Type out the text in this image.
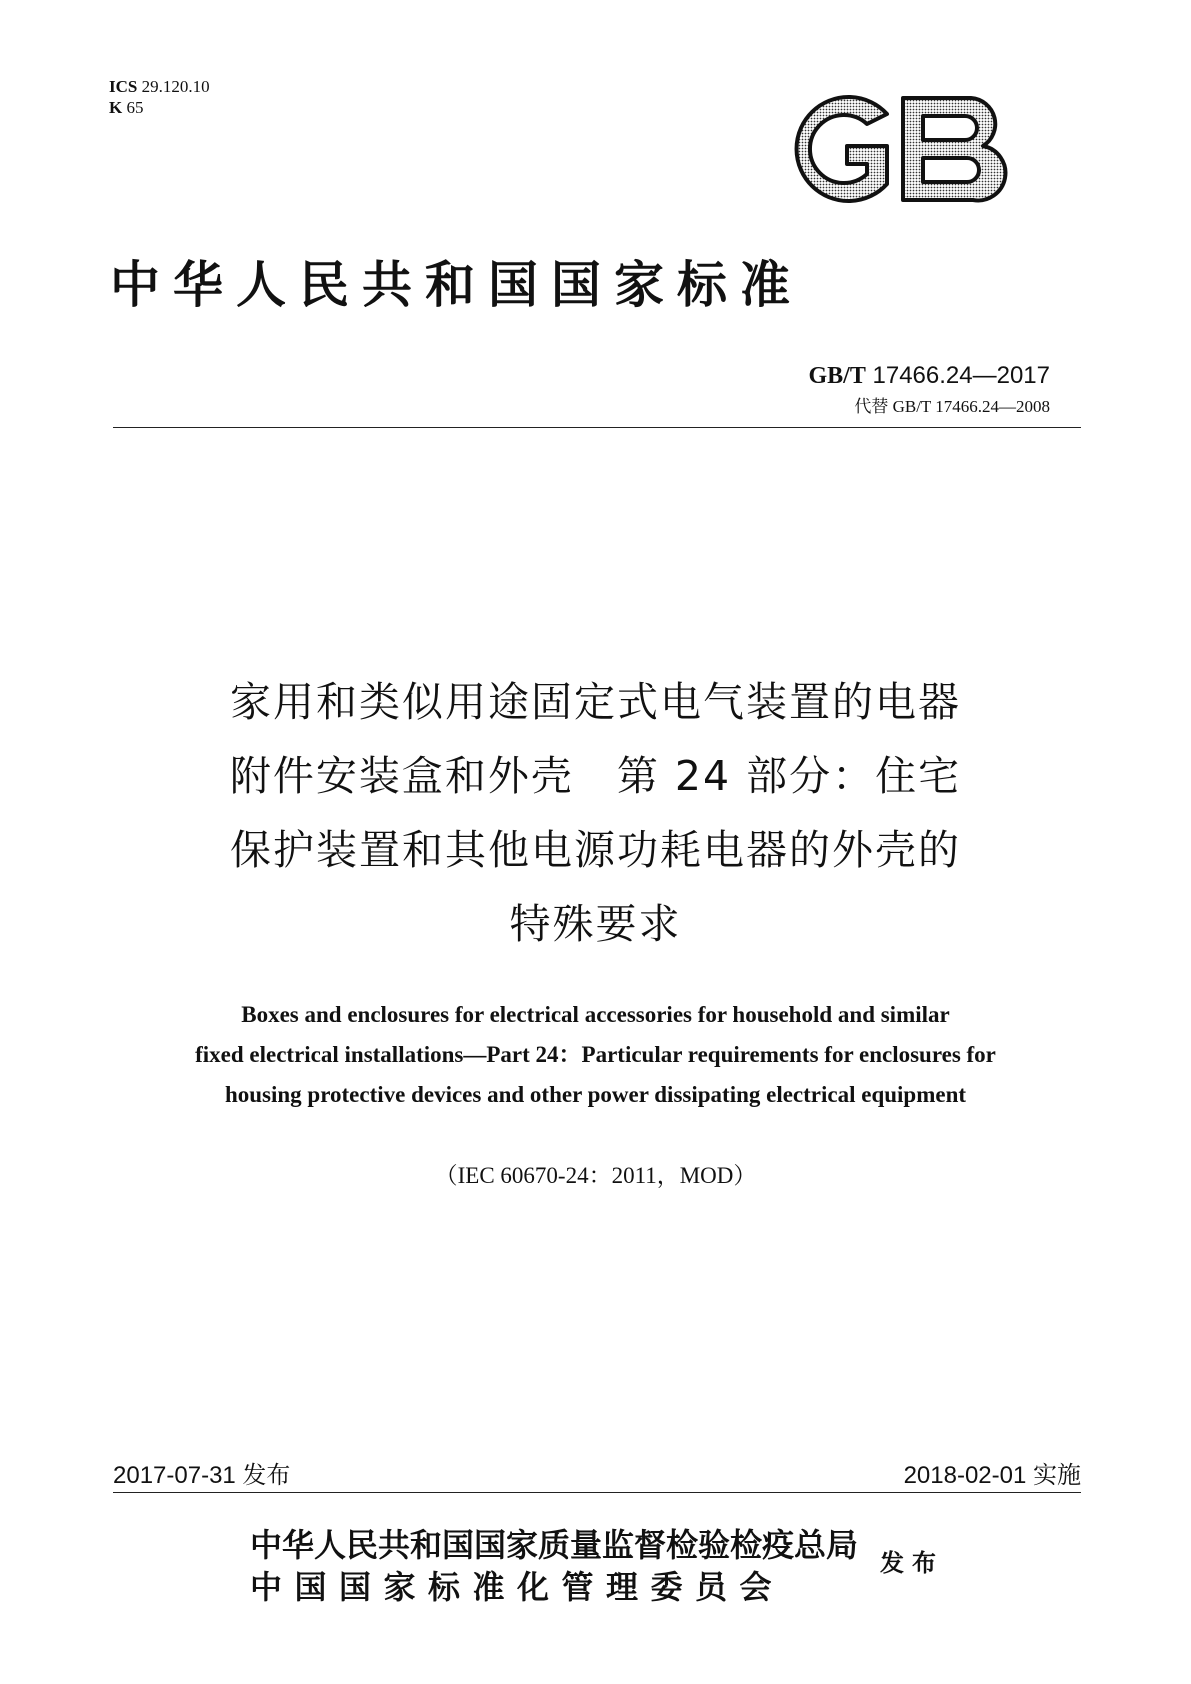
ICS 29.120.10
K 65
中华人民共和国国家标准
GB/T 17466.24—2017
代替 GB/T 17466.24—2008
家用和类似用途固定式电气装置的电器
附件安装盒和外壳　第 24 部分：住宅
保护装置和其他电源功耗电器的外壳的
特殊要求
Boxes and enclosures for electrical accessories for household and similar
fixed electrical installations—Part 24：Particular requirements for enclosures for
housing protective devices and other power dissipating electrical equipment
（IEC 60670-24：2011，MOD）
2017-07-31 发布	2018-02-01 实施
中华人民共和国国家质量监督检验检疫总局
中国国家标准化管理委员会
发布
